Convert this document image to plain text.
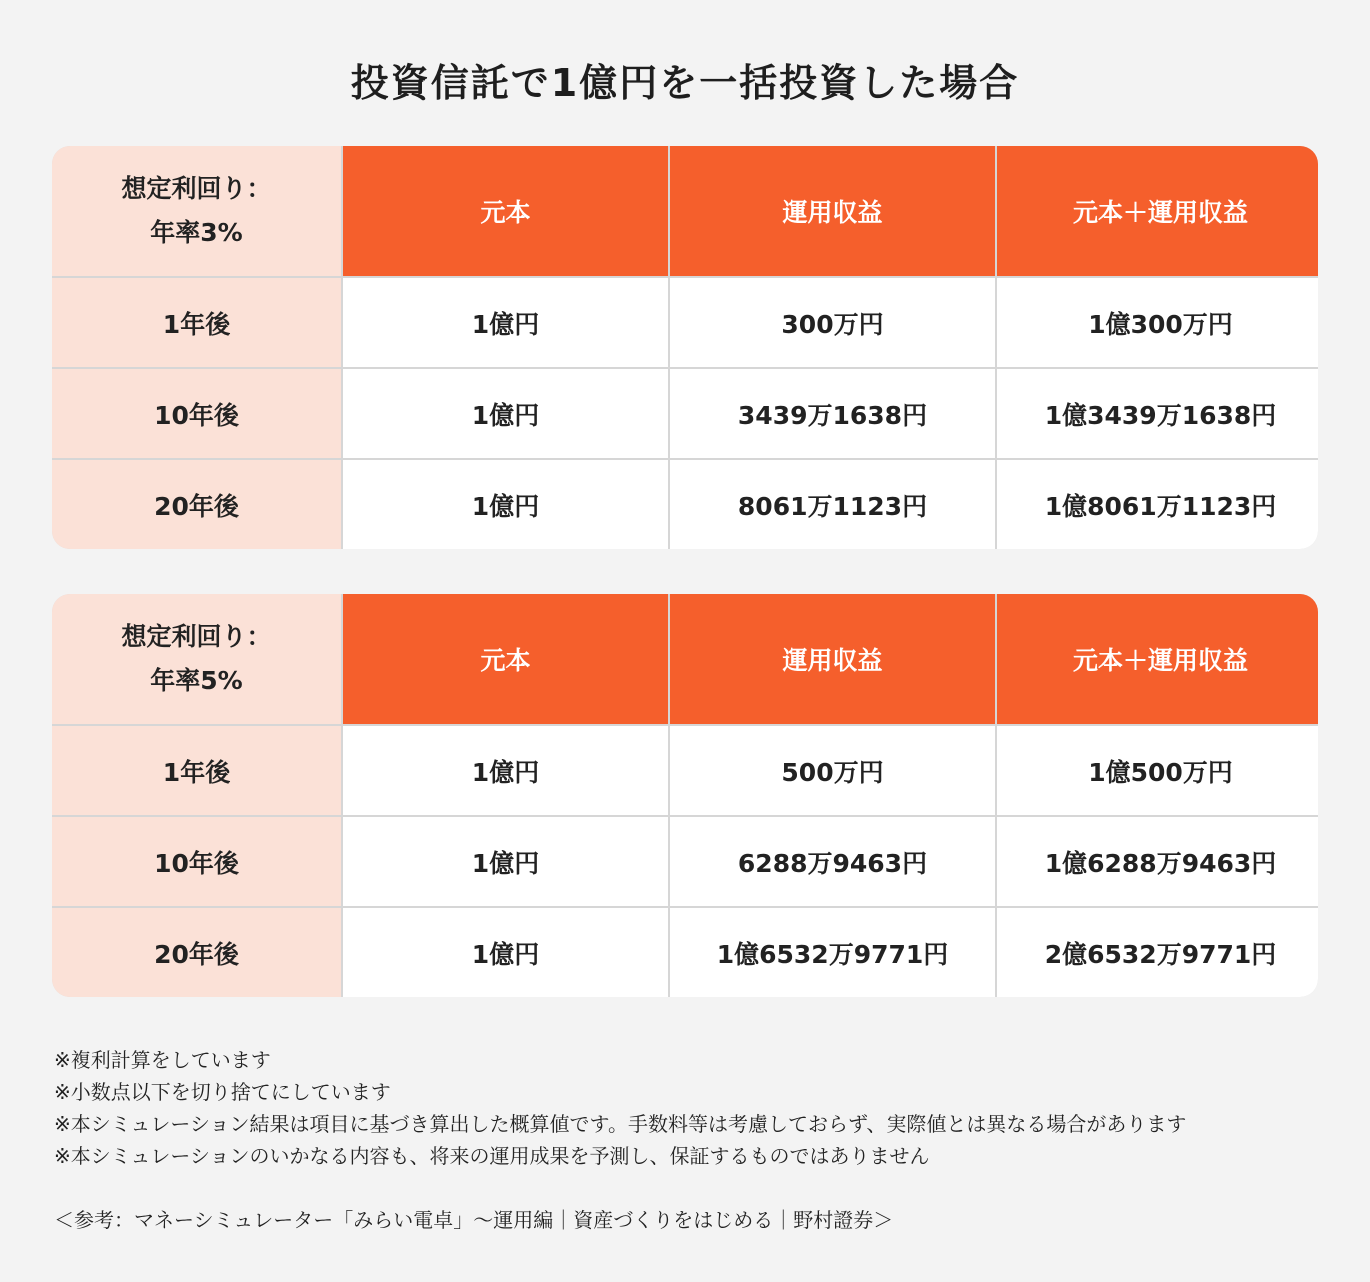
投資信託で1億円を一括投資した場合
想定利回り：
年率3%
元本	運用収益	元本＋運用収益
1年後	1億円	300万円	1億300万円
10年後	1億円	3439万1638円	1億3439万1638円
20年後	1億円	8061万1123円	1億8061万1123円
想定利回り：
年率5%
元本	運用収益	元本＋運用収益
1年後	1億円	500万円	1億500万円
10年後	1億円	6288万9463円	1億6288万9463円
20年後	1億円	1億6532万9771円	2億6532万9771円
※複利計算をしています
※小数点以下を切り捨てにしています
※本シミュレーション結果は項目に基づき算出した概算値です。手数料等は考慮しておらず、実際値とは異なる場合があります
※本シミュレーションのいかなる内容も、将来の運用成果を予測し、保証するものではありません
＜参考：マネーシミュレーター「みらい電卓」〜運用編｜資産づくりをはじめる｜野村證券＞
